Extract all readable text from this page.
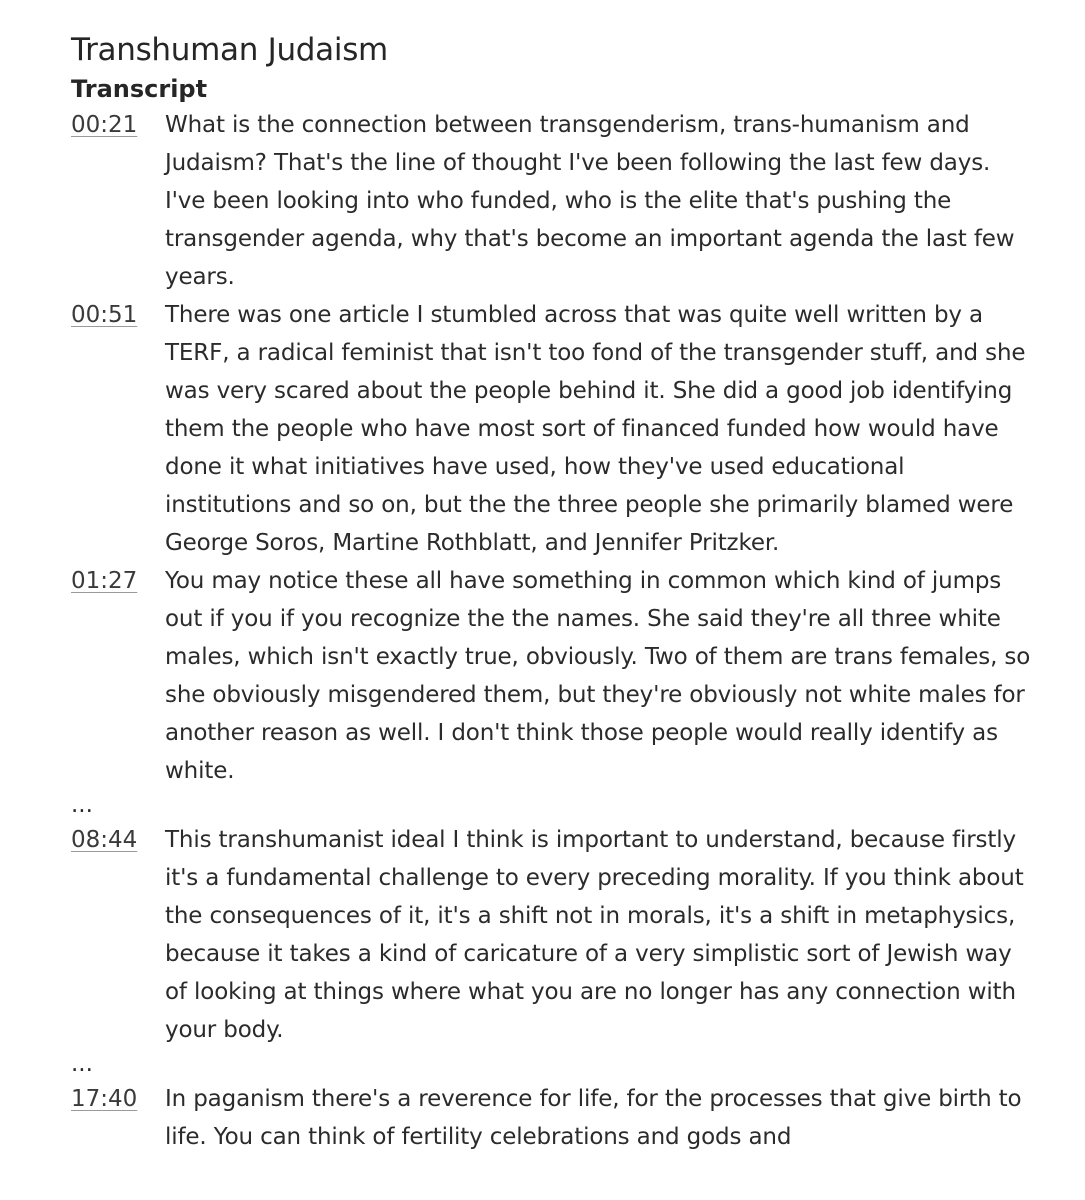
Transhuman Judaism
Transcript
00:21	What is the connection between transgenderism, trans-humanism and Judaism? That's the line of thought I've been following the last few days. I've been looking into who funded, who is the elite that's pushing the transgender agenda, why that's become an important agenda the last few years.
00:51	There was one article I stumbled across that was quite well written by a TERF, a radical feminist that isn't too fond of the transgender stuff, and she was very scared about the people behind it. She did a good job identifying them the people who have most sort of financed funded how would have done it what initiatives have used, how they've used educational institutions and so on, but the the three people she primarily blamed were George Soros, Martine Rothblatt, and Jennifer Pritzker.
01:27	You may notice these all have something in common which kind of jumps out if you if you recognize the the names. She said they're all three white males, which isn't exactly true, obviously. Two of them are trans females, so she obviously misgendered them, but they're obviously not white males for another reason as well. I don't think those people would really identify as white.
...
08:44	This transhumanist ideal I think is important to understand, because firstly it's a fundamental challenge to every preceding morality. If you think about the consequences of it, it's a shift not in morals, it's a shift in metaphysics, because it takes a kind of caricature of a very simplistic sort of Jewish way of looking at things where what you are no longer has any connection with your body.
...
17:40	In paganism there's a reverence for life, for the processes that give birth to life. You can think of fertility celebrations and gods and
